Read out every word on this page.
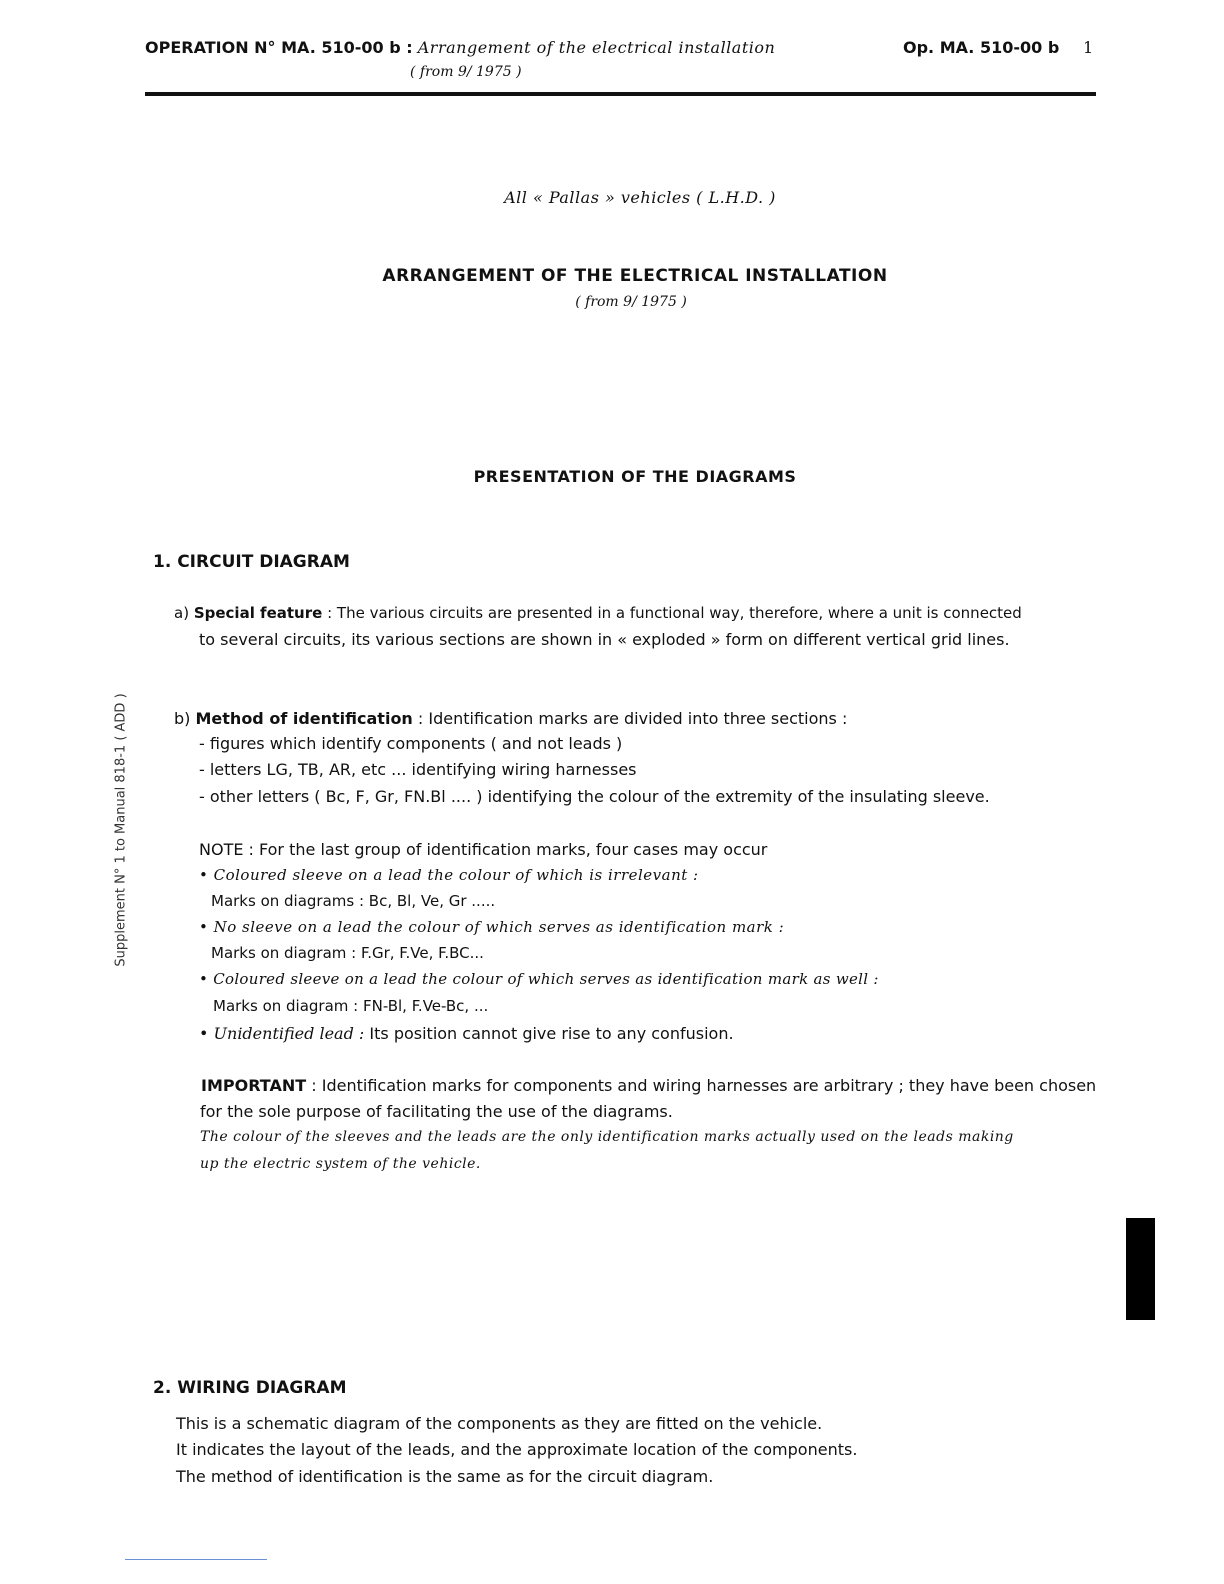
OPERATION N° MA. 510-00 b : Arrangement of the electrical installation
( from 9/ 1975 )
Op. MA. 510-00 b 1
All « Pallas » vehicles ( L.H.D. )
ARRANGEMENT OF THE ELECTRICAL INSTALLATION
( from 9/ 1975 )
PRESENTATION OF THE DIAGRAMS
Supplement N° 1 to Manual 818-1 ( ADD )
1. CIRCUIT DIAGRAM
a) Special feature : The various circuits are presented in a functional way, therefore, where a unit is connected
to several circuits, its various sections are shown in « exploded » form on different vertical grid lines.
b) Method of identification : Identification marks are divided into three sections :
- figures which identify components ( and not leads )
- letters LG, TB, AR, etc ... identifying wiring harnesses
- other letters ( Bc, F, Gr, FN.Bl .... ) identifying the colour of the extremity of the insulating sleeve.
NOTE : For the last group of identification marks, four cases may occur
• Coloured sleeve on a lead the colour of which is irrelevant :
Marks on diagrams : Bc, Bl, Ve, Gr .....
• No sleeve on a lead the colour of which serves as identification mark :
Marks on diagram : F.Gr, F.Ve, F.BC...
• Coloured sleeve on a lead the colour of which serves as identification mark as well :
Marks on diagram : FN-Bl, F.Ve-Bc, ...
• Unidentified lead : Its position cannot give rise to any confusion.
IMPORTANT : Identification marks for components and wiring harnesses are arbitrary ; they have been chosen
for the sole purpose of facilitating the use of the diagrams.
The colour of the sleeves and the leads are the only identification marks actually used on the leads making
up the electric system of the vehicle.
2. WIRING DIAGRAM
This is a schematic diagram of the components as they are fitted on the vehicle.
It indicates the layout of the leads, and the approximate location of the components.
The method of identification is the same as for the circuit diagram.
